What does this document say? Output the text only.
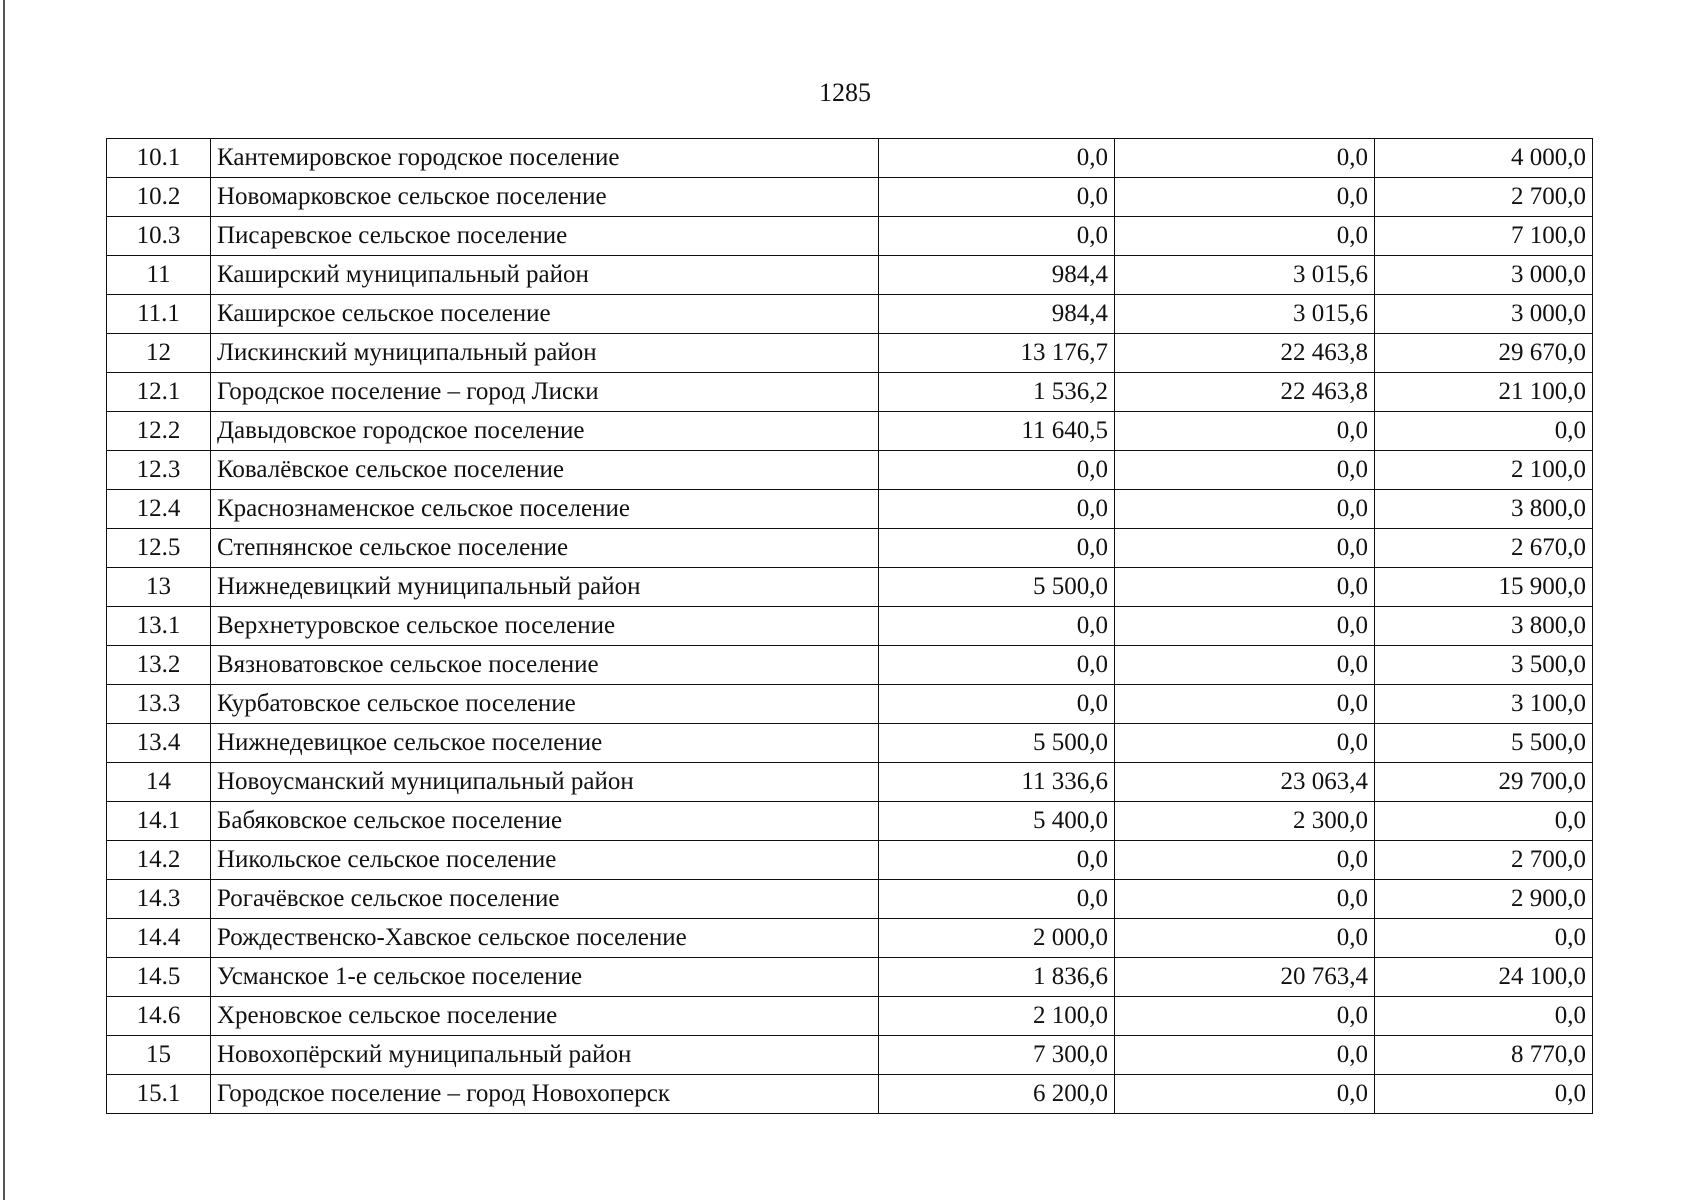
1285
10.1	Кантемировское городское поселение	0,0	0,0	4 000,0
10.2	Новомарковское сельское поселение	0,0	0,0	2 700,0
10.3	Писаревское сельское поселение	0,0	0,0	7 100,0
11	Каширский муниципальный район	984,4	3 015,6	3 000,0
11.1	Каширское сельское поселение	984,4	3 015,6	3 000,0
12	Лискинский муниципальный район	13 176,7	22 463,8	29 670,0
12.1	Городское поселение – город Лиски	1 536,2	22 463,8	21 100,0
12.2	Давыдовское городское поселение	11 640,5	0,0	0,0
12.3	Ковалёвское сельское поселение	0,0	0,0	2 100,0
12.4	Краснознаменское сельское поселение	0,0	0,0	3 800,0
12.5	Степнянское сельское поселение	0,0	0,0	2 670,0
13	Нижнедевицкий муниципальный район	5 500,0	0,0	15 900,0
13.1	Верхнетуровское сельское поселение	0,0	0,0	3 800,0
13.2	Вязноватовское сельское поселение	0,0	0,0	3 500,0
13.3	Курбатовское сельское поселение	0,0	0,0	3 100,0
13.4	Нижнедевицкое сельское поселение	5 500,0	0,0	5 500,0
14	Новоусманский муниципальный район	11 336,6	23 063,4	29 700,0
14.1	Бабяковское сельское поселение	5 400,0	2 300,0	0,0
14.2	Никольское сельское поселение	0,0	0,0	2 700,0
14.3	Рогачёвское сельское поселение	0,0	0,0	2 900,0
14.4	Рождественско-Хавское сельское поселение	2 000,0	0,0	0,0
14.5	Усманское 1-е сельское поселение	1 836,6	20 763,4	24 100,0
14.6	Хреновское сельское поселение	2 100,0	0,0	0,0
15	Новохопёрский муниципальный район	7 300,0	0,0	8 770,0
15.1	Городское поселение – город Новохоперск	6 200,0	0,0	0,0
